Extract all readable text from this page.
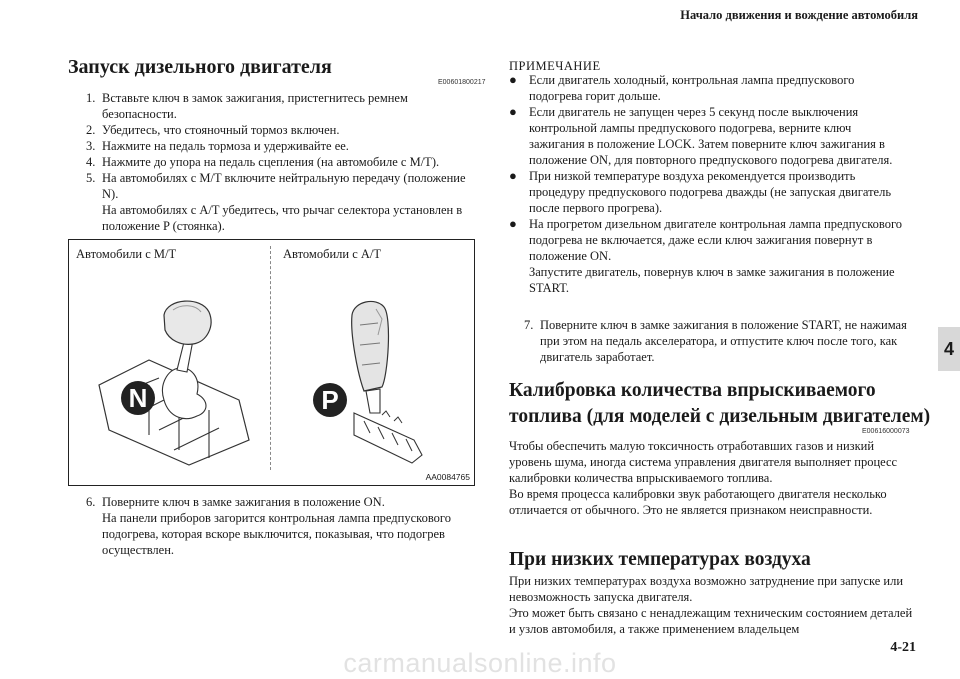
Начало движения и вождение автомобиля
4
4-21
Запуск дизельного двигателя
E00601800217
1. Вставьте ключ в замок зажигания, пристегнитесь ремнем безопасности.
2. Убедитесь, что стояночный тормоз включен.
3. Нажмите на педаль тормоза и удерживайте ее.
4. Нажмите до упора на педаль сцепления (на автомобиле с M/T).
5. На автомобилях с M/T включите нейтральную передачу (положение N).
На автомобилях с A/T убедитесь, что рычаг селектора установлен в положение P (стоянка).
Автомобили с M/T	Автомобили с A/T
N	P
AA0084765
6. Поверните ключ в замке зажигания в положение ON.
На панели приборов загорится контрольная лампа предпускового подогрева, которая вскоре выключится, показывая, что подогрев осуществлен.
ПРИМЕЧАНИЕ
● Если двигатель холодный, контрольная лампа предпускового подогрева горит дольше.
● Если двигатель не запущен через 5 секунд после выключения контрольной лампы предпускового подогрева, верните ключ зажигания в положение LOCK. Затем поверните ключ зажигания в положение ON, для повторного предпускового подогрева двигателя.
● При низкой температуре воздуха рекомендуется производить процедуру предпускового подогрева дважды (не запуская двигатель после первого прогрева).
● На прогретом дизельном двигателе контрольная лампа предпускового подогрева не включается, даже если ключ зажигания повернут в положение ON.
Запустите двигатель, повернув ключ в замке зажигания в положение START.
7. Поверните ключ в замке зажигания в положение START, не нажимая при этом на педаль акселератора, и отпустите ключ после того, как двигатель заработает.
Калибровка количества впрыскиваемого
топлива (для моделей с дизельным двигателем)
E00616000073
Чтобы обеспечить малую токсичность отработавших газов и низкий уровень шума, иногда система управления двигателя выполняет процесс калибровки количества впрыскиваемого топлива.
Во время процесса калибровки звук работающего двигателя несколько отличается от обычного. Это не является признаком неисправности.
При низких температурах воздуха
При низких температурах воздуха возможно затруднение при запуске или невозможность запуска двигателя.
Это может быть связано с ненадлежащим техническим состоянием деталей и узлов автомобиля, а также применением владельцем
carmanualsonline.info
